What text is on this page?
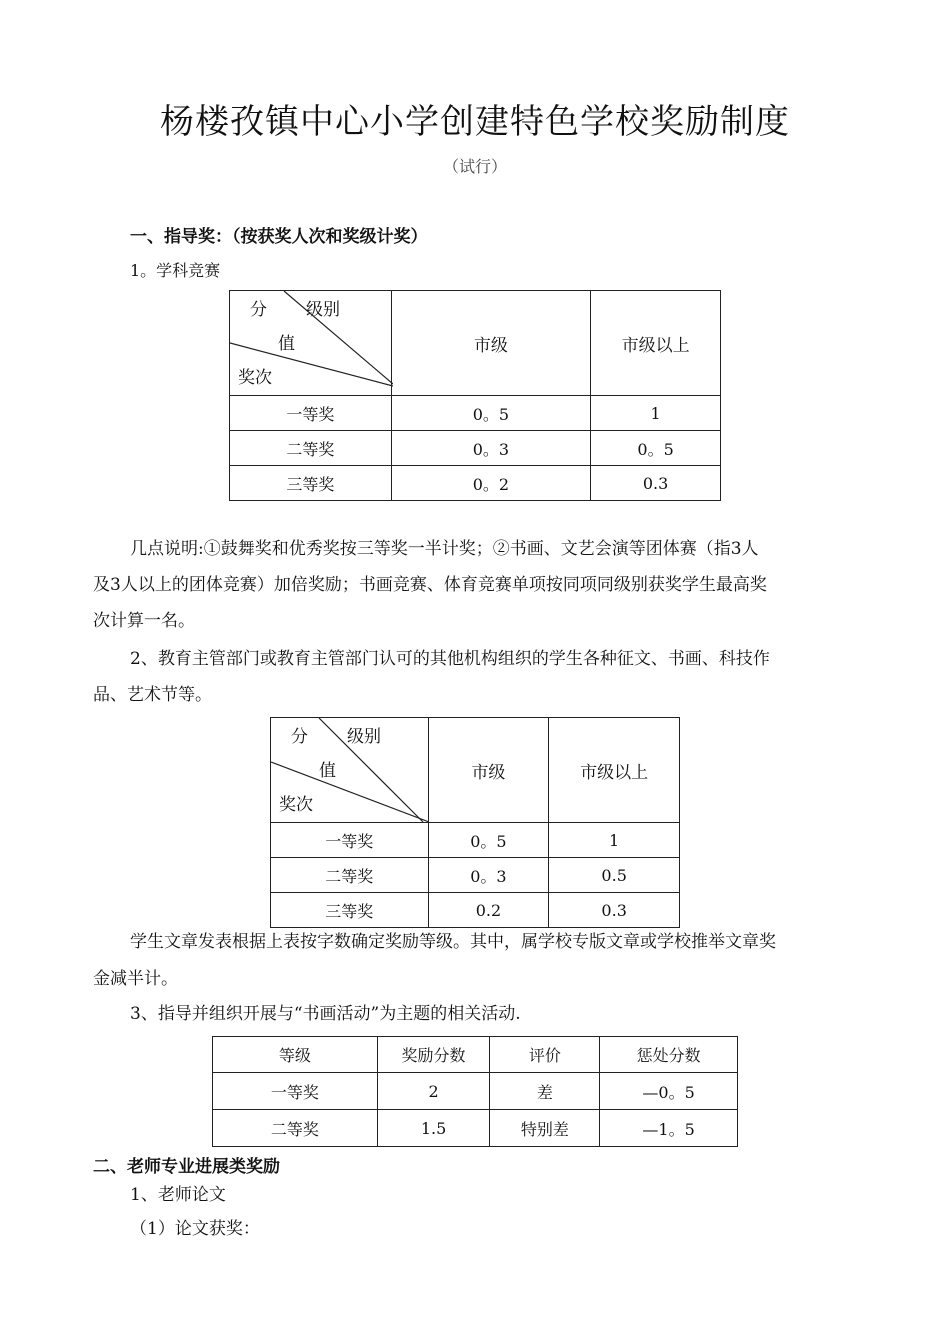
杨楼孜镇中心小学创建特色学校奖励制度
（试行）
一、指导奖：（按获奖人次和奖级计奖）
1。学科竞赛
分 级别
值
奖次	市级	市级以上
一等奖	0。5	1
二等奖	0。3	0。5
三等奖	0。2	0.3
几点说明:①鼓舞奖和优秀奖按三等奖一半计奖；②书画、文艺会演等团体赛（指3人
及3人以上的团体竞赛）加倍奖励；书画竞赛、体育竞赛单项按同项同级别获奖学生最高奖
次计算一名。
2、教育主管部门或教育主管部门认可的其他机构组织的学生各种征文、书画、科技作
品、艺术节等。
分 级别
值
奖次	市级	市级以上
一等奖	0。5	1
二等奖	0。3	0.5
三等奖	0.2	0.3
学生文章发表根据上表按字数确定奖励等级。其中，属学校专版文章或学校推举文章奖
金减半计。
3、指导并组织开展与“书画活动”为主题的相关活动.
等级	奖励分数	评价	惩处分数
一等奖	2	差	—0。5
二等奖	1.5	特别差	—1。5
二、老师专业进展类奖励
1、老师论文
（1）论文获奖：
